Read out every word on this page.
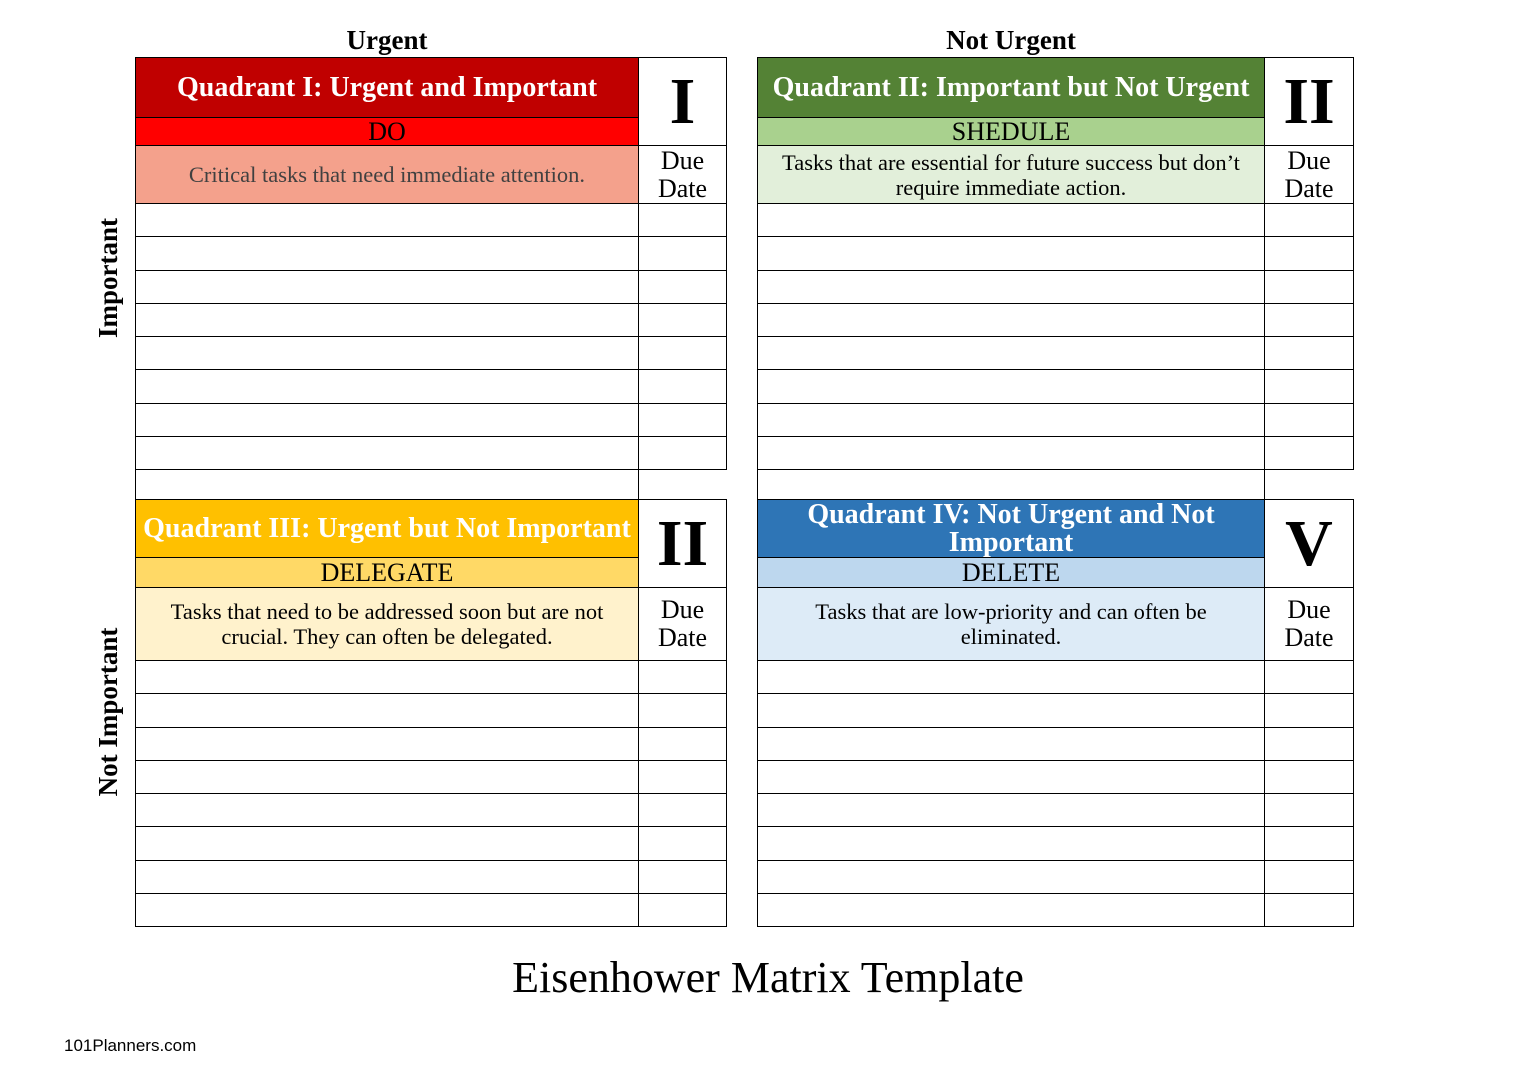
Urgent	Not Urgent
Important
Not Important
Quadrant I: Urgent and Important	I
DO	
Critical tasks that need immediate attention.	Due Date

Quadrant II: Important but Not Urgent	II
SHEDULE	
Tasks that are essential for future success but don’t require immediate action.	Due Date

Quadrant III: Urgent but Not Important	II
DELEGATE	
Tasks that need to be addressed soon but are not crucial. They can often be delegated.	Due Date

Quadrant IV: Not Urgent and Not Important	V
DELETE	
Tasks that are low-priority and can often be eliminated.	Due Date

Eisenhower Matrix Template
101Planners.com
